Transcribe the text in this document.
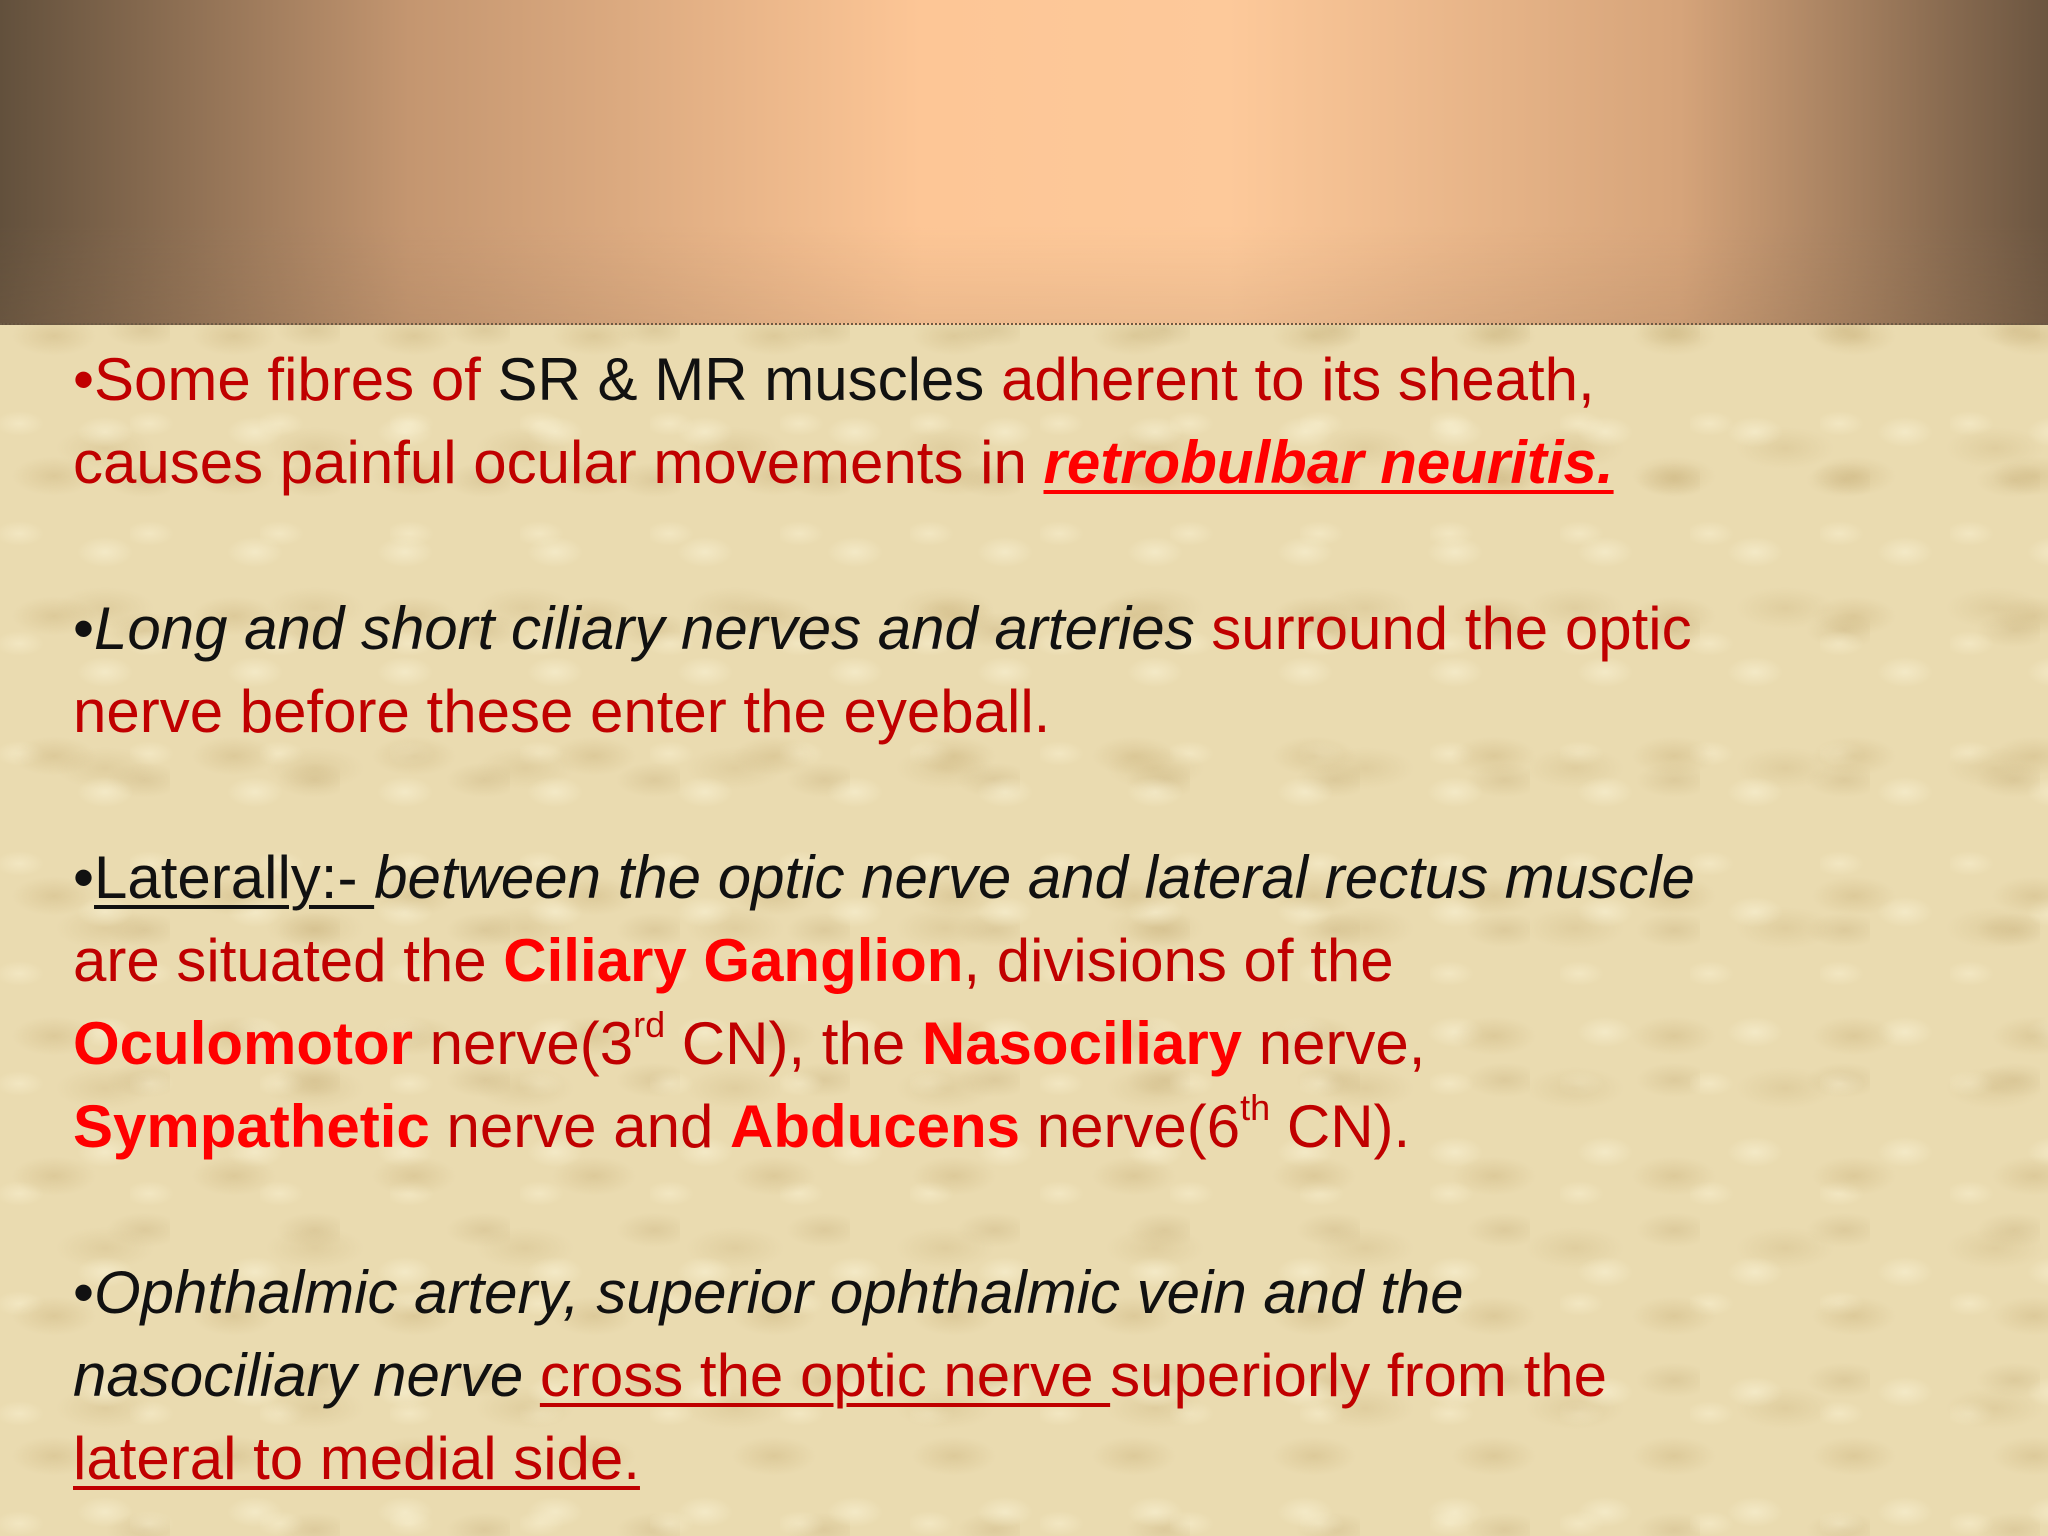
•Some fibres of SR & MR muscles adherent to its sheath,
causes painful ocular movements in retrobulbar neuritis.

•Long and short ciliary nerves and arteries surround the optic
nerve before these enter the eyeball.

•Laterally:- between the optic nerve and lateral rectus muscle
are situated the Ciliary Ganglion, divisions of the
Oculomotor nerve(3rd CN), the Nasociliary nerve,
Sympathetic nerve and Abducens nerve(6th CN).

•Ophthalmic artery, superior ophthalmic vein and the
nasociliary nerve cross the optic nerve superiorly from the
lateral to medial side.
